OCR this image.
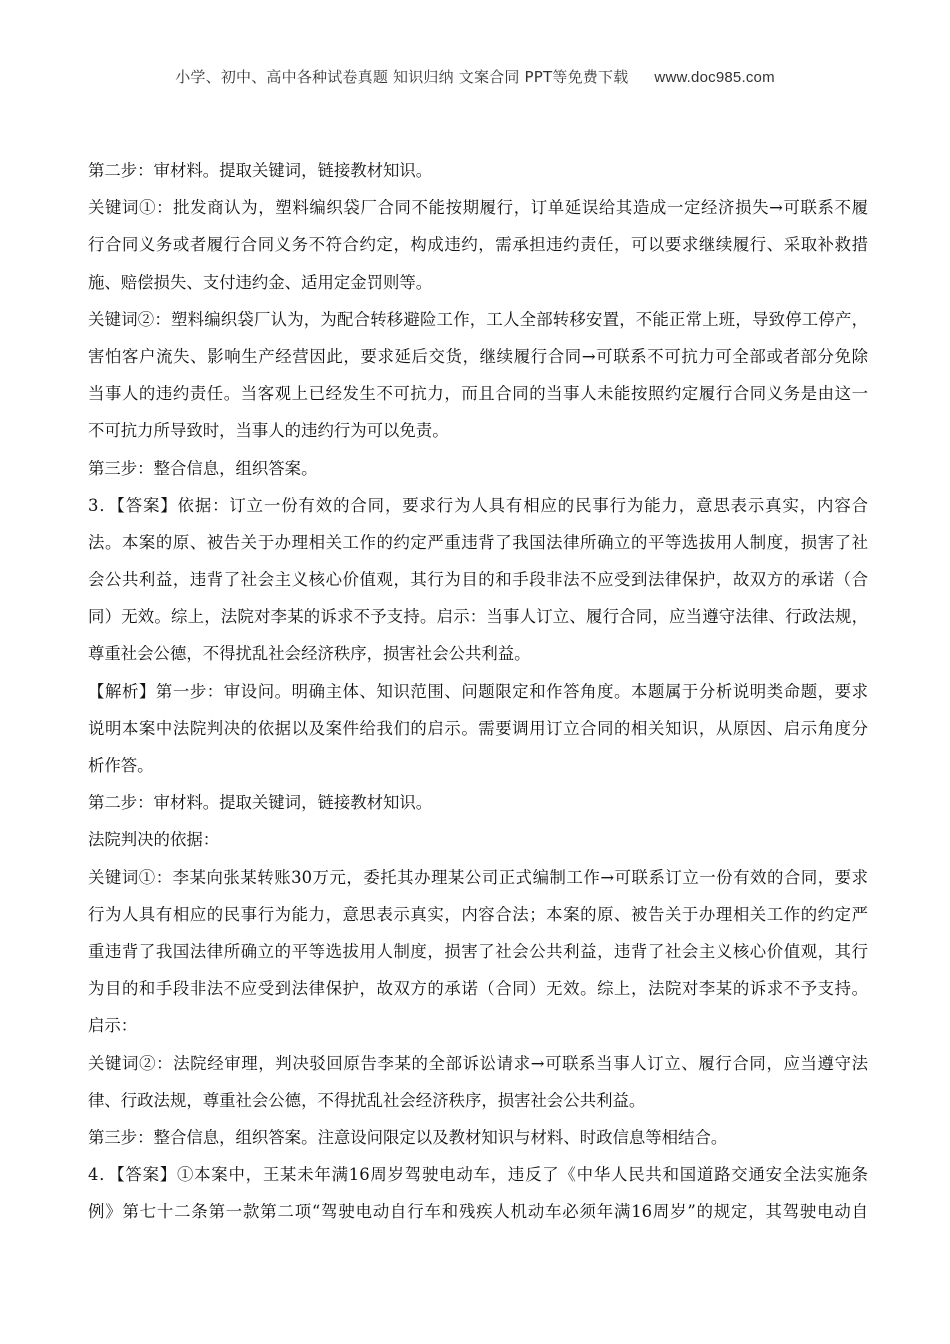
小学、初中、高中各种试卷真题 知识归纳 文案合同 PPT等免费下载 www.doc985.com
第二步：审材料。提取关键词，链接教材知识。
关键词①：批发商认为，塑料编织袋厂合同不能按期履行，订单延误给其造成一定经济损失→可联系不履
行合同义务或者履行合同义务不符合约定，构成违约，需承担违约责任，可以要求继续履行、采取补救措
施、赔偿损失、支付违约金、适用定金罚则等。
关键词②：塑料编织袋厂认为，为配合转移避险工作，工人全部转移安置，不能正常上班，导致停工停产，
害怕客户流失、影响生产经营因此，要求延后交货，继续履行合同→可联系不可抗力可全部或者部分免除
当事人的违约责任。当客观上已经发生不可抗力，而且合同的当事人未能按照约定履行合同义务是由这一
不可抗力所导致时，当事人的违约行为可以免责。
第三步：整合信息，组织答案。
3．【答案】依据：订立一份有效的合同，要求行为人具有相应的民事行为能力，意思表示真实，内容合
法。本案的原、被告关于办理相关工作的约定严重违背了我国法律所确立的平等选拔用人制度，损害了社
会公共利益，违背了社会主义核心价值观，其行为目的和手段非法不应受到法律保护，故双方的承诺（合
同）无效。综上，法院对李某的诉求不予支持。启示：当事人订立、履行合同，应当遵守法律、行政法规，
尊重社会公德，不得扰乱社会经济秩序，损害社会公共利益。
【解析】第一步：审设问。明确主体、知识范围、问题限定和作答角度。本题属于分析说明类命题，要求
说明本案中法院判决的依据以及案件给我们的启示。需要调用订立合同的相关知识，从原因、启示角度分
析作答。
第二步：审材料。提取关键词，链接教材知识。
法院判决的依据：
关键词①：李某向张某转账30万元，委托其办理某公司正式编制工作→可联系订立一份有效的合同，要求
行为人具有相应的民事行为能力，意思表示真实，内容合法；本案的原、被告关于办理相关工作的约定严
重违背了我国法律所确立的平等选拔用人制度，损害了社会公共利益，违背了社会主义核心价值观，其行
为目的和手段非法不应受到法律保护，故双方的承诺（合同）无效。综上，法院对李某的诉求不予支持。
启示：
关键词②：法院经审理，判决驳回原告李某的全部诉讼请求→可联系当事人订立、履行合同，应当遵守法
律、行政法规，尊重社会公德，不得扰乱社会经济秩序，损害社会公共利益。
第三步：整合信息，组织答案。注意设问限定以及教材知识与材料、时政信息等相结合。
4．【答案】①本案中，王某未年满16周岁驾驶电动车，违反了《中华人民共和国道路交通安全法实施条
例》第七十二条第一款第二项“驾驶电动自行车和残疾人机动车必须年满16周岁”的规定，其驾驶电动自
